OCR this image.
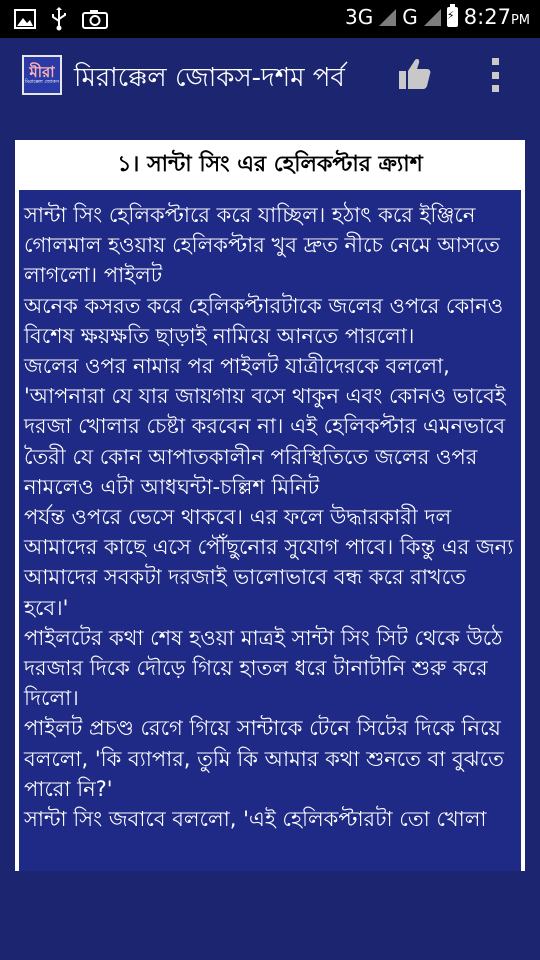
3G G
⚡ 8:27PM
মীরা
মিরাক্কেল জোকস মিরাক্কেল জোকস-দশম পর্ব
১। সান্টা সিং এর হেলিকপ্টার ক্র্যাশ

সান্টা সিং হেলিকপ্টারে করে যাচ্ছিল। হঠাৎ করে ইঞ্জিনে গোলমাল হওয়ায় হেলিকপ্টার খুব দ্রুত নীচে নেমে আসতে লাগলো। পাইলট
অনেক কসরত করে হেলিকপ্টারটাকে জলের ওপরে কোনও বিশেষ ক্ষয়ক্ষতি ছাড়াই নামিয়ে আনতে পারলো।
জলের ওপর নামার পর পাইলট যাত্রীদেরকে বললো, 'আপনারা যে যার জায়গায় বসে থাকুন এবং কোনও ভাবেই দরজা খোলার চেষ্টা করবেন না। এই হেলিকপ্টার এমনভাবে তৈরী যে কোন আপাতকালীন পরিস্থিতিতে জলের ওপর নামলেও এটা আধঘন্টা-চল্লিশ মিনিট
পর্যন্ত ওপরে ভেসে থাকবে। এর ফলে উদ্ধারকারী দল আমাদের কাছে এসে পৌঁছুনোর সুযোগ পাবে। কিন্তু এর জন্য আমাদের সবকটা দরজাই ভালোভাবে বন্ধ করে রাখতে হবে।'
পাইলটের কথা শেষ হওয়া মাত্রই সান্টা সিং সিট থেকে উঠে দরজার দিকে দৌড়ে গিয়ে হাতল ধরে টানাটানি শুরু করে দিলো।
পাইলট প্রচণ্ড রেগে গিয়ে সান্টাকে টেনে সিটের দিকে নিয়ে বললো, 'কি ব্যাপার, তুমি কি আমার কথা শুনতে বা বুঝতে পারো নি?'
সান্টা সিং জবাবে বললো, 'এই হেলিকপ্টারটা তো খোলা
